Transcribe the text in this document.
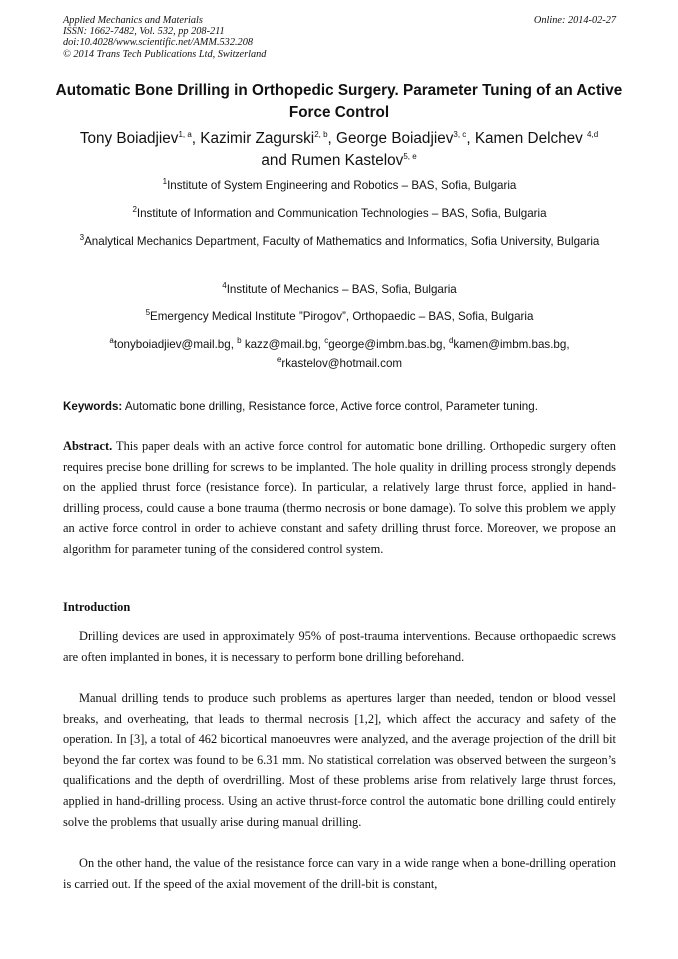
Applied Mechanics and Materials
ISSN: 1662-7482, Vol. 532, pp 208-211
doi:10.4028/www.scientific.net/AMM.532.208
© 2014 Trans Tech Publications Ltd, Switzerland
Online: 2014-02-27
Automatic Bone Drilling in Orthopedic Surgery. Parameter Tuning of an Active Force Control
Tony Boiadjiev$^{1, a}$, Kazimir Zagurski$^{2, b}$, George Boiadjiev$^{3, c}$, Kamen Delchev $^{4,d}$
and Rumen Kastelov$^{5, e}$
$^1$Institute of System Engineering and Robotics – BAS, Sofia, Bulgaria
$^2$Institute of Information and Communication Technologies – BAS, Sofia, Bulgaria
$^3$Analytical Mechanics Department, Faculty of Mathematics and Informatics, Sofia University, Bulgaria
$^4$Institute of Mechanics – BAS, Sofia, Bulgaria
$^5$Emergency Medical Institute ”Pirogov”, Orthopaedic – BAS, Sofia, Bulgaria
$^a$tonyboiadjiev@mail.bg, $^b$ kazz@mail.bg, $^c$george@imbm.bas.bg, $^d$kamen@imbm.bas.bg,
$^e$rkastelov@hotmail.com
Keywords: Automatic bone drilling, Resistance force, Active force control, Parameter tuning.
Abstract. This paper deals with an active force control for automatic bone drilling. Orthopedic surgery often requires precise bone drilling for screws to be implanted. The hole quality in drilling process strongly depends on the applied thrust force (resistance force). In particular, a relatively large thrust force, applied in hand-drilling process, could cause a bone trauma (thermo necrosis or bone damage). To solve this problem we apply an active force control in order to achieve constant and safety drilling thrust force. Moreover, we propose an algorithm for parameter tuning of the considered control system.
Introduction
Drilling devices are used in approximately 95% of post-trauma interventions. Because orthopaedic screws are often implanted in bones, it is necessary to perform bone drilling beforehand.
Manual drilling tends to produce such problems as apertures larger than needed, tendon or blood vessel breaks, and overheating, that leads to thermal necrosis [1,2], which affect the accuracy and safety of the operation. In [3], a total of 462 bicortical manoeuvres were analyzed, and the average projection of the drill bit beyond the far cortex was found to be 6.31 mm. No statistical correlation was observed between the surgeon’s qualifications and the depth of overdrilling. Most of these problems arise from relatively large thrust forces, applied in hand-drilling process. Using an active thrust-force control the automatic bone drilling could entirely solve the problems that usually arise during manual drilling.
On the other hand, the value of the resistance force can vary in a wide range when a bone-drilling operation is carried out. If the speed of the axial movement of the drill-bit is constant,
